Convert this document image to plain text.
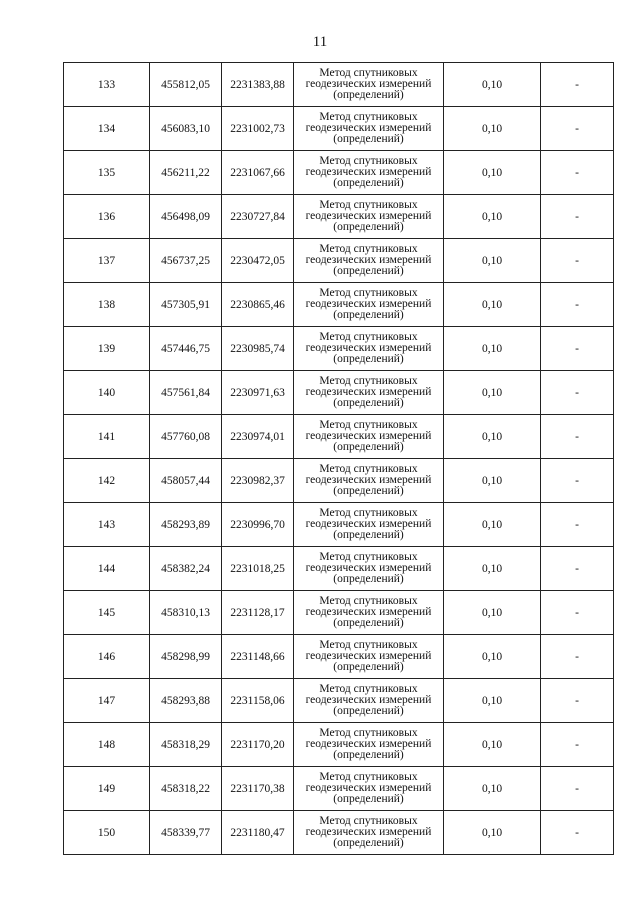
11
133	455812,05	2231383,88	Метод спутниковых геодезических измерений (определений)	0,10	-
134	456083,10	2231002,73	Метод спутниковых геодезических измерений (определений)	0,10	-
135	456211,22	2231067,66	Метод спутниковых геодезических измерений (определений)	0,10	-
136	456498,09	2230727,84	Метод спутниковых геодезических измерений (определений)	0,10	-
137	456737,25	2230472,05	Метод спутниковых геодезических измерений (определений)	0,10	-
138	457305,91	2230865,46	Метод спутниковых геодезических измерений (определений)	0,10	-
139	457446,75	2230985,74	Метод спутниковых геодезических измерений (определений)	0,10	-
140	457561,84	2230971,63	Метод спутниковых геодезических измерений (определений)	0,10	-
141	457760,08	2230974,01	Метод спутниковых геодезических измерений (определений)	0,10	-
142	458057,44	2230982,37	Метод спутниковых геодезических измерений (определений)	0,10	-
143	458293,89	2230996,70	Метод спутниковых геодезических измерений (определений)	0,10	-
144	458382,24	2231018,25	Метод спутниковых геодезических измерений (определений)	0,10	-
145	458310,13	2231128,17	Метод спутниковых геодезических измерений (определений)	0,10	-
146	458298,99	2231148,66	Метод спутниковых геодезических измерений (определений)	0,10	-
147	458293,88	2231158,06	Метод спутниковых геодезических измерений (определений)	0,10	-
148	458318,29	2231170,20	Метод спутниковых геодезических измерений (определений)	0,10	-
149	458318,22	2231170,38	Метод спутниковых геодезических измерений (определений)	0,10	-
150	458339,77	2231180,47	Метод спутниковых геодезических измерений (определений)	0,10	-
